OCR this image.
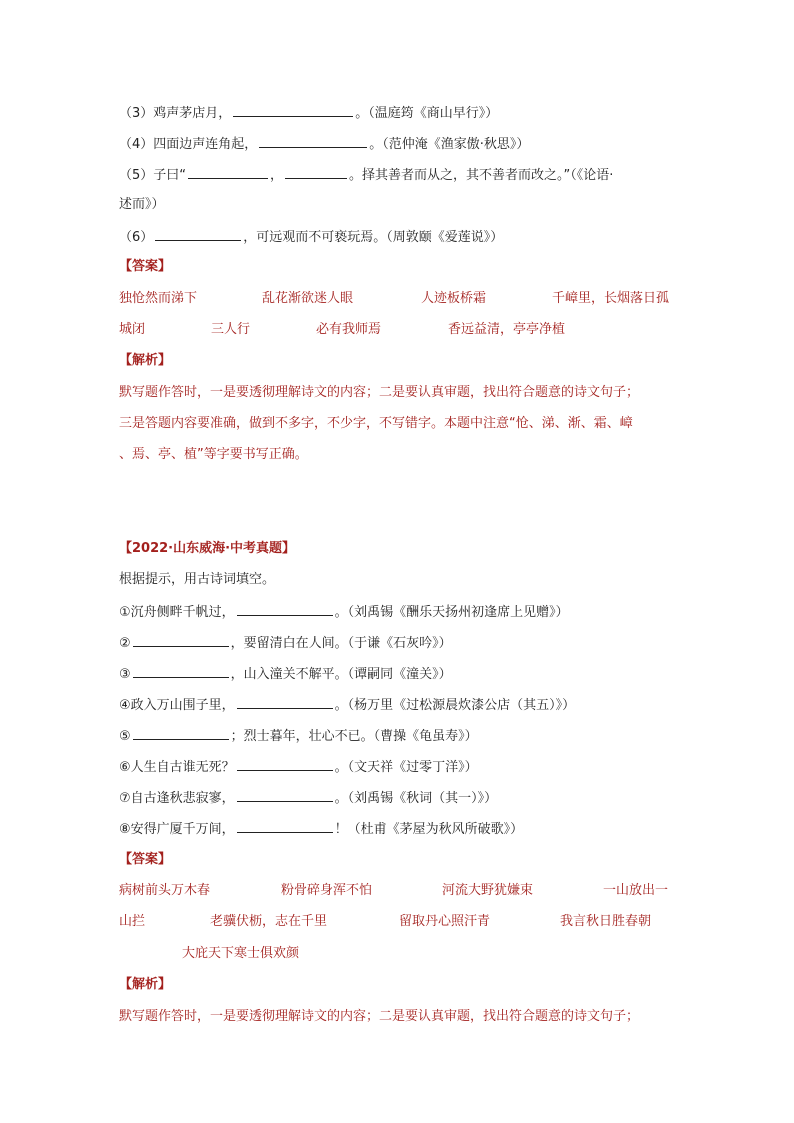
（3）鸡声茅店月，	。（温庭筠《商山早行》）
（4）四面边声连角起，	。（范仲淹《渔家傲·秋思》）
（5）子曰“	，	。择其善者而从之，其不善者而改之。”（《论语·
述而》）
（6）	，可远观而不可亵玩焉。（周敦颐《爱莲说》）
【答案】
独怆然而涕下	乱花渐欲迷人眼	人迹板桥霜	千嶂里，长烟落日孤
城闭	三人行	必有我师焉	香远益清，亭亭净植
【解析】
默写题作答时，一是要透彻理解诗文的内容；二是要认真审题，找出符合题意的诗文句子；
三是答题内容要准确，做到不多字，不少字，不写错字。本题中注意“怆、涕、渐、霜、嶂
、焉、亭、植”等字要书写正确。
【2022·山东威海·中考真题】
根据提示，用古诗词填空。
①沉舟侧畔千帆过，	。（刘禹锡《酬乐天扬州初逢席上见赠》）
②	，要留清白在人间。（于谦《石灰吟》）
③	，山入潼关不解平。（谭嗣同《潼关》）
④政入万山围子里，	。（杨万里《过松源晨炊漆公店（其五）》）
⑤	；烈士暮年，壮心不已。（曹操《龟虽寿》）
⑥人生自古谁无死？	。（文天祥《过零丁洋》）
⑦自古逢秋悲寂寥，	。（刘禹锡《秋词（其一）》）
⑧安得广厦千万间，	！（杜甫《茅屋为秋风所破歌》）
【答案】
病树前头万木春	粉骨碎身浑不怕	河流大野犹嫌束	一山放出一
山拦	老骥伏枥，志在千里	留取丹心照汗青	我言秋日胜春朝
大庇天下寒士俱欢颜
【解析】
默写题作答时，一是要透彻理解诗文的内容；二是要认真审题，找出符合题意的诗文句子；
